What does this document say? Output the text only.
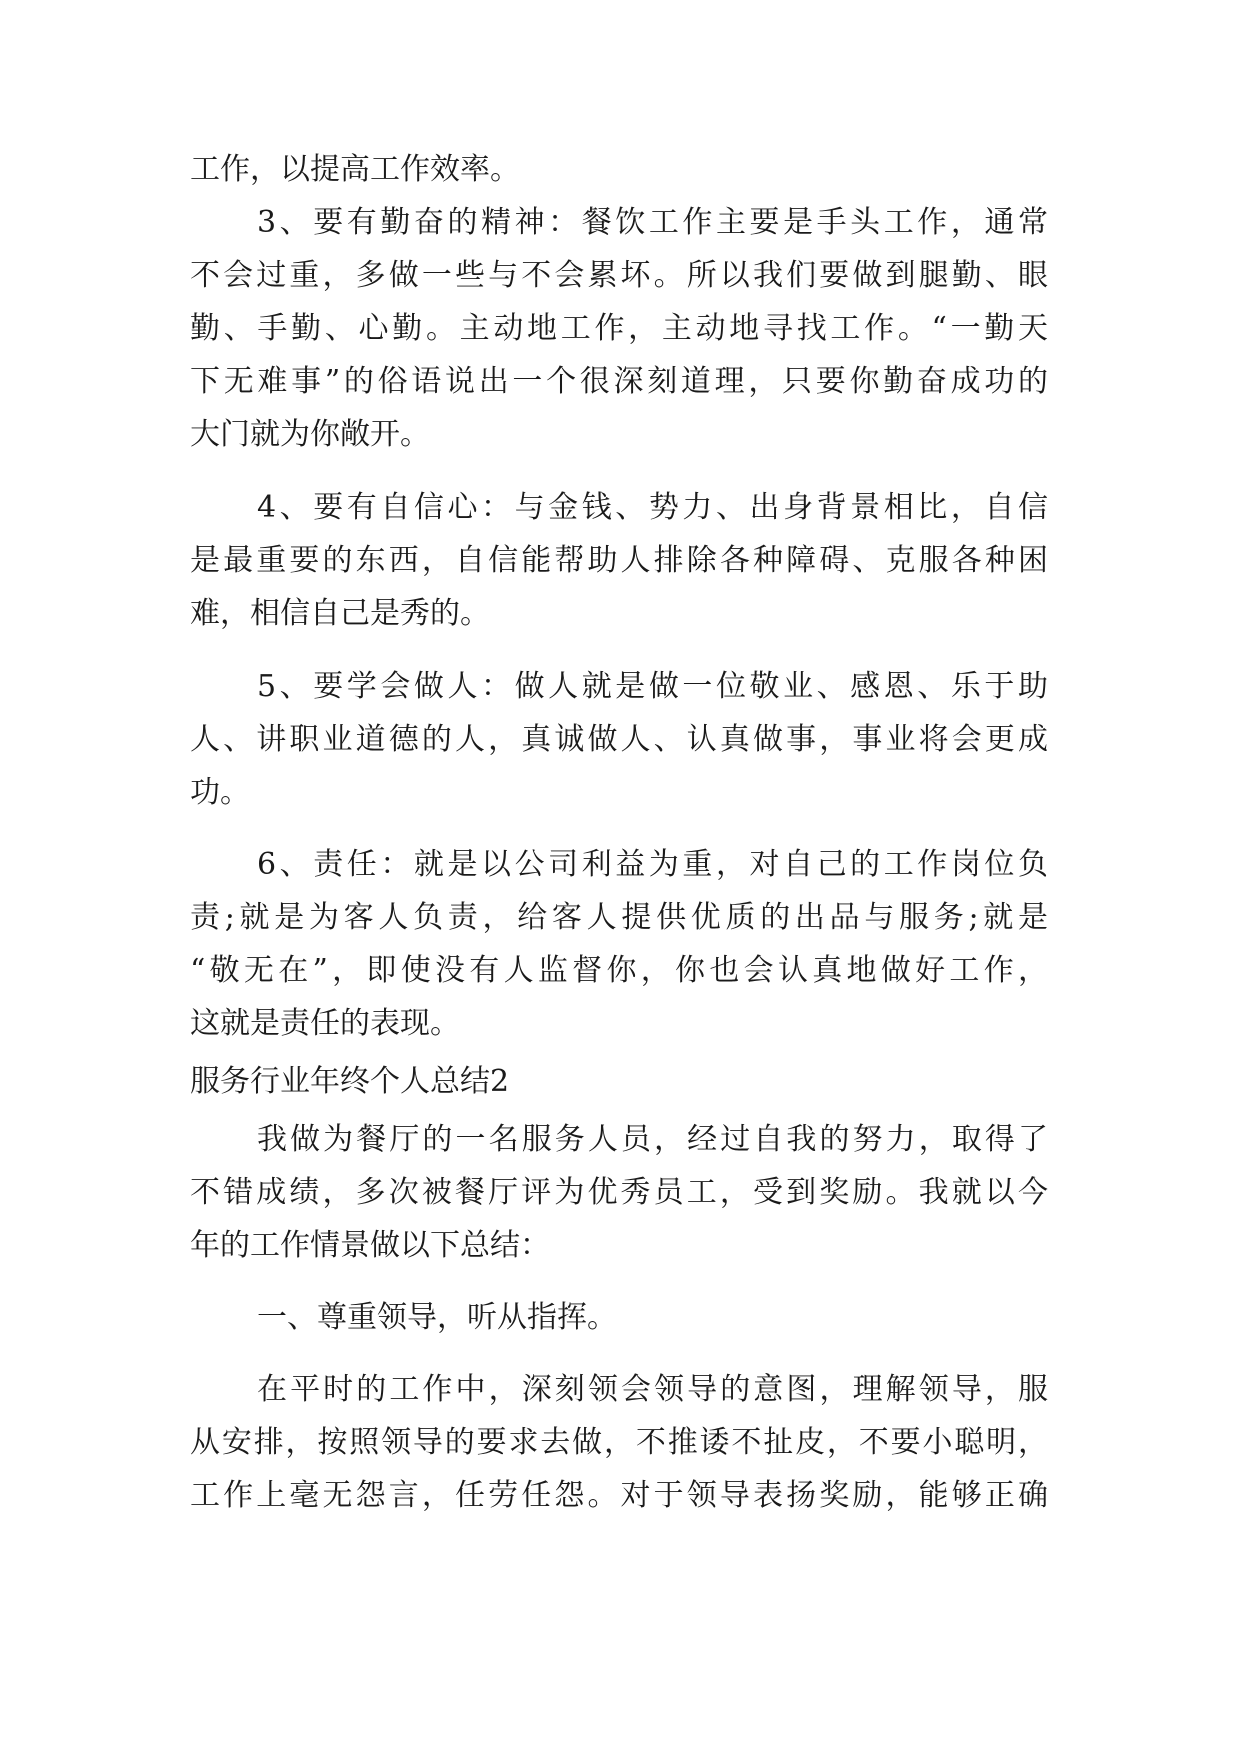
工作，以提高工作效率。
3、要有勤奋的精神：餐饮工作主要是手头工作，通常
不会过重，多做一些与不会累坏。所以我们要做到腿勤、眼
勤、手勤、心勤。主动地工作，主动地寻找工作。“一勤天
下无难事”的俗语说出一个很深刻道理，只要你勤奋成功的
大门就为你敞开。
4、要有自信心：与金钱、势力、出身背景相比，自信
是最重要的东西，自信能帮助人排除各种障碍、克服各种困
难，相信自己是秀的。
5、要学会做人：做人就是做一位敬业、感恩、乐于助
人、讲职业道德的人，真诚做人、认真做事，事业将会更成
功。
6、责任：就是以公司利益为重，对自己的工作岗位负
责;就是为客人负责，给客人提供优质的出品与服务;就是
“敬无在”，即使没有人监督你，你也会认真地做好工作，
这就是责任的表现。
服务行业年终个人总结2
我做为餐厅的一名服务人员，经过自我的努力，取得了
不错成绩，多次被餐厅评为优秀员工，受到奖励。我就以今
年的工作情景做以下总结：
一、尊重领导，听从指挥。
在平时的工作中，深刻领会领导的意图，理解领导，服
从安排，按照领导的要求去做，不推诿不扯皮，不要小聪明，
工作上毫无怨言，任劳任怨。对于领导表扬奖励，能够正确
